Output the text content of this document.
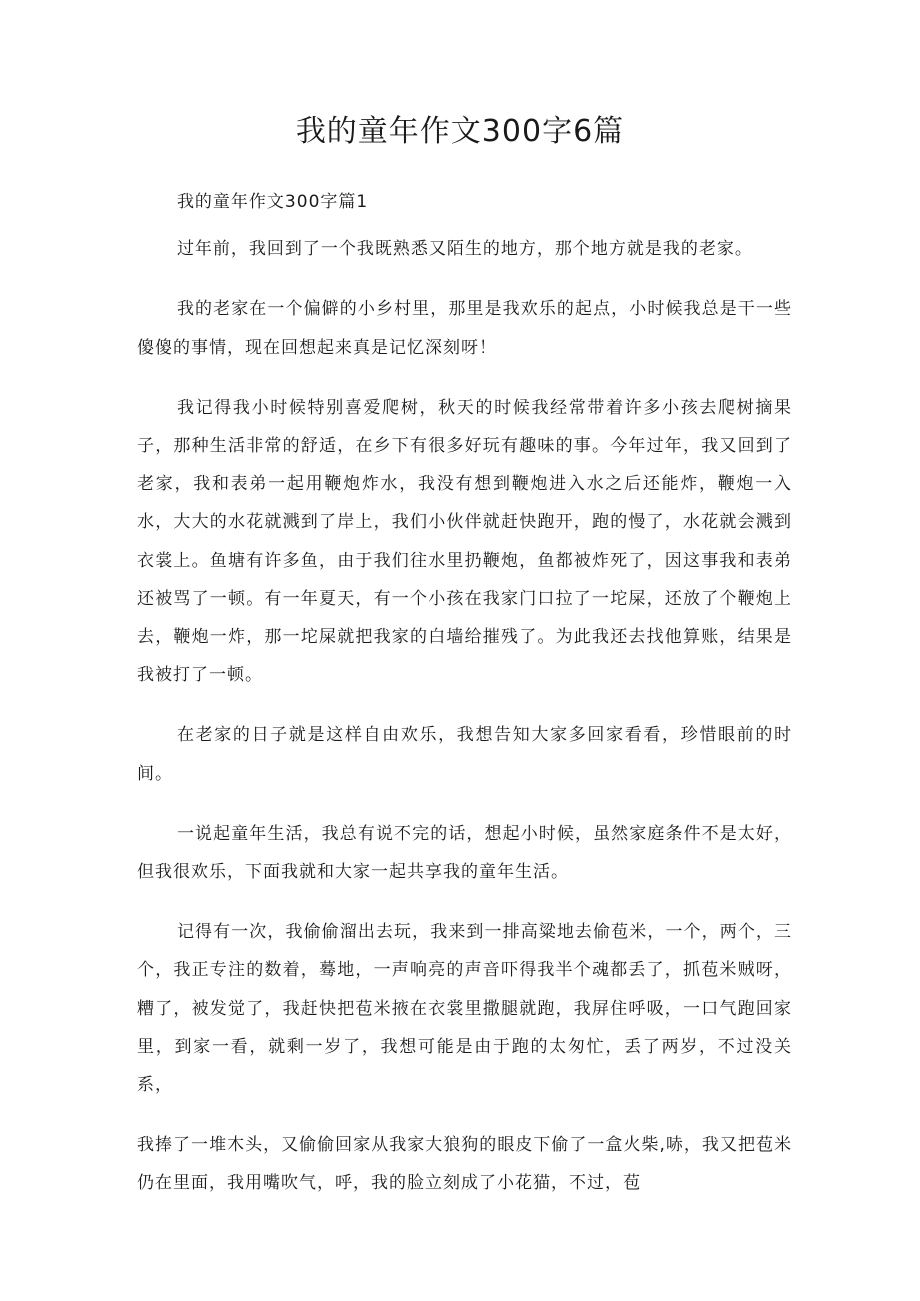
我的童年作文300字6篇

我的童年作文300字篇1

过年前，我回到了一个我既熟悉又陌生的地方，那个地方就是我的老家。

我的老家在一个偏僻的小乡村里，那里是我欢乐的起点，小时候我总是干一些傻傻的事情，现在回想起来真是记忆深刻呀！

我记得我小时候特别喜爱爬树，秋天的时候我经常带着许多小孩去爬树摘果子，那种生活非常的舒适，在乡下有很多好玩有趣味的事。今年过年，我又回到了老家，我和表弟一起用鞭炮炸水，我没有想到鞭炮进入水之后还能炸，鞭炮一入水，大大的水花就溅到了岸上，我们小伙伴就赶快跑开，跑的慢了，水花就会溅到衣裳上。鱼塘有许多鱼，由于我们往水里扔鞭炮，鱼都被炸死了，因这事我和表弟还被骂了一顿。有一年夏天，有一个小孩在我家门口拉了一坨屎，还放了个鞭炮上去，鞭炮一炸，那一坨屎就把我家的白墙给摧残了。为此我还去找他算账，结果是我被打了一顿。

在老家的日子就是这样自由欢乐，我想告知大家多回家看看，珍惜眼前的时间。

一说起童年生活，我总有说不完的话，想起小时候，虽然家庭条件不是太好，但我很欢乐，下面我就和大家一起共享我的童年生活。

记得有一次，我偷偷溜出去玩，我来到一排高粱地去偷苞米，一个，两个，三个，我正专注的数着，蓦地，一声响亮的声音吓得我半个魂都丢了，抓苞米贼呀，糟了，被发觉了，我赶快把苞米掖在衣裳里撒腿就跑，我屏住呼吸，一口气跑回家里，到家一看，就剩一岁了，我想可能是由于跑的太匆忙，丢了两岁，不过没关系，

我捧了一堆木头，又偷偷回家从我家大狼狗的眼皮下偷了一盒火柴,哧，我又把苞米仍在里面，我用嘴吹气，呼，我的脸立刻成了小花猫，不过，苞
